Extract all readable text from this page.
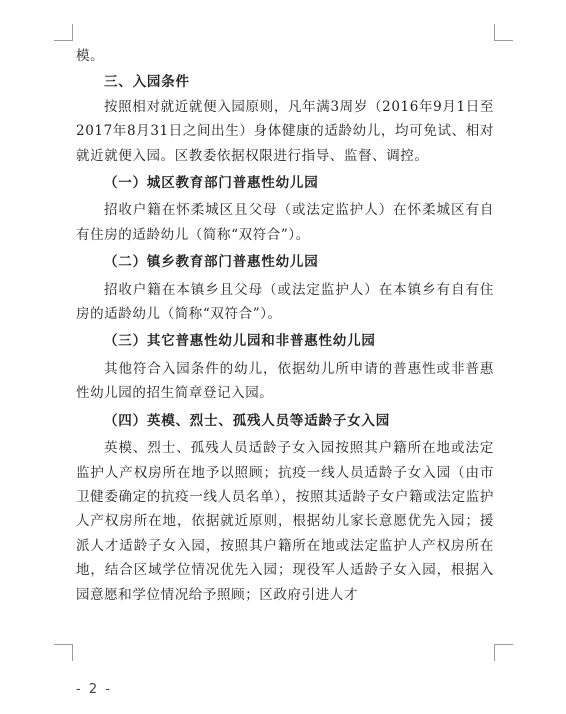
模。

三、入园条件

按照相对就近就便入园原则，凡年满3周岁（2016年9月1日至2017年8月31日之间出生）身体健康的适龄幼儿，均可免试、相对就近就便入园。区教委依据权限进行指导、监督、调控。

（一）城区教育部门普惠性幼儿园

招收户籍在怀柔城区且父母（或法定监护人）在怀柔城区有自有住房的适龄幼儿（简称“双符合”）。

（二）镇乡教育部门普惠性幼儿园

招收户籍在本镇乡且父母（或法定监护人）在本镇乡有自有住房的适龄幼儿（简称“双符合”）。

（三）其它普惠性幼儿园和非普惠性幼儿园

其他符合入园条件的幼儿，依据幼儿所申请的普惠性或非普惠性幼儿园的招生简章登记入园。

（四）英模、烈士、孤残人员等适龄子女入园

英模、烈士、孤残人员适龄子女入园按照其户籍所在地或法定监护人产权房所在地予以照顾；抗疫一线人员适龄子女入园（由市卫健委确定的抗疫一线人员名单），按照其适龄子女户籍或法定监护人产权房所在地，依据就近原则，根据幼儿家长意愿优先入园；援派人才适龄子女入园，按照其户籍所在地或法定监护人产权房所在地，结合区域学位情况优先入园；现役军人适龄子女入园，根据入园意愿和学位情况给予照顾；区政府引进人才

- 2 -
